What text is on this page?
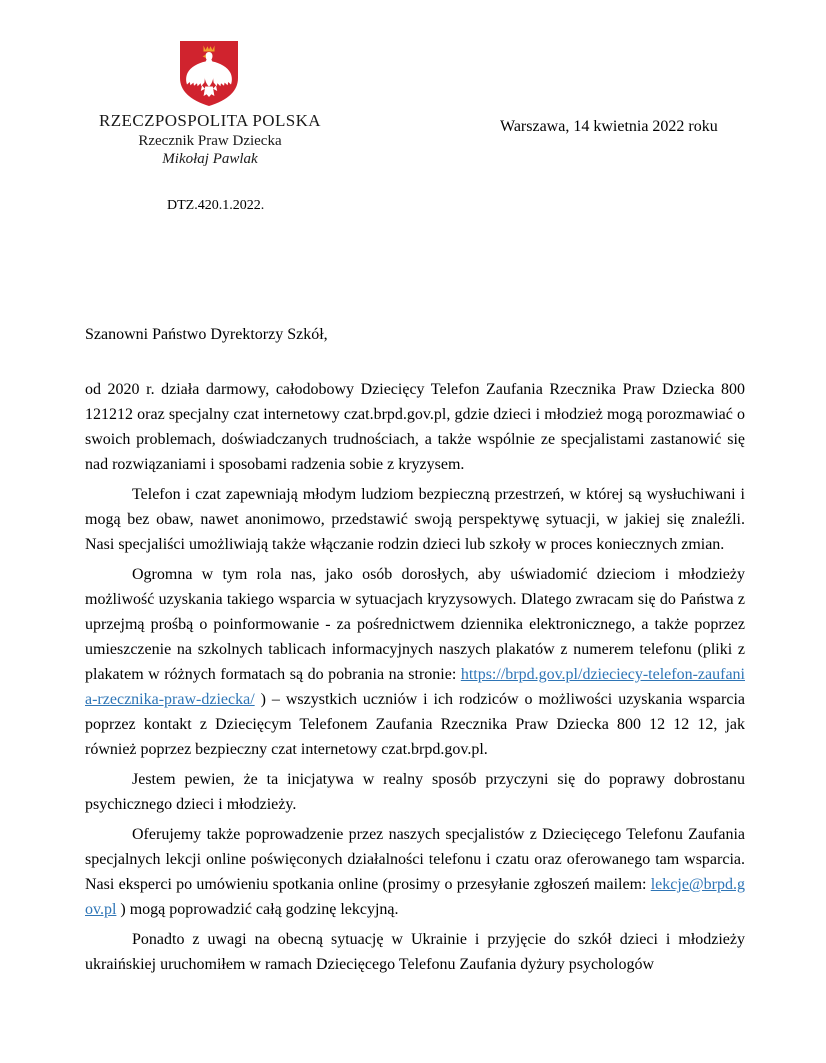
RZECZPOSPOLITA POLSKA
Rzecznik Praw Dziecka
Mikołaj Pawlak
Warszawa, 14 kwietnia 2022 roku
DTZ.420.1.2022.

Szanowni Państwo Dyrektorzy Szkół,

od 2020 r. działa darmowy, całodobowy Dziecięcy Telefon Zaufania Rzecznika Praw Dziecka 800 121212 oraz specjalny czat internetowy czat.brpd.gov.pl, gdzie dzieci i młodzież mogą porozmawiać o swoich problemach, doświadczanych trudnościach, a także wspólnie ze specjalistami zastanowić się nad rozwiązaniami i sposobami radzenia sobie z kryzysem.

Telefon i czat zapewniają młodym ludziom bezpieczną przestrzeń, w której są wysłuchiwani i mogą bez obaw, nawet anonimowo, przedstawić swoją perspektywę sytuacji, w jakiej się znaleźli. Nasi specjaliści umożliwiają także włączanie rodzin dzieci lub szkoły w proces koniecznych zmian.

Ogromna w tym rola nas, jako osób dorosłych, aby uświadomić dzieciom i młodzieży możliwość uzyskania takiego wsparcia w sytuacjach kryzysowych. Dlatego zwracam się do Państwa z uprzejmą prośbą o poinformowanie - za pośrednictwem dziennika elektronicznego, a także poprzez umieszczenie na szkolnych tablicach informacyjnych naszych plakatów z numerem telefonu (pliki z plakatem w różnych formatach są do pobrania na stronie: https://brpd.gov.pl/dzieciecy-telefon-zaufania-rzecznika-praw-dziecka/ ) – wszystkich uczniów i ich rodziców o możliwości uzyskania wsparcia poprzez kontakt z Dziecięcym Telefonem Zaufania Rzecznika Praw Dziecka 800 12 12 12, jak również poprzez bezpieczny czat internetowy czat.brpd.gov.pl.

Jestem pewien, że ta inicjatywa w realny sposób przyczyni się do poprawy dobrostanu psychicznego dzieci i młodzieży.

Oferujemy także poprowadzenie przez naszych specjalistów z Dziecięcego Telefonu Zaufania specjalnych lekcji online poświęconych działalności telefonu i czatu oraz oferowanego tam wsparcia. Nasi eksperci po umówieniu spotkania online (prosimy o przesyłanie zgłoszeń mailem: lekcje@brpd.gov.pl ) mogą poprowadzić całą godzinę lekcyjną.

Ponadto z uwagi na obecną sytuację w Ukrainie i przyjęcie do szkół dzieci i młodzieży ukraińskiej uruchomiłem w ramach Dziecięcego Telefonu Zaufania dyżury psychologów
